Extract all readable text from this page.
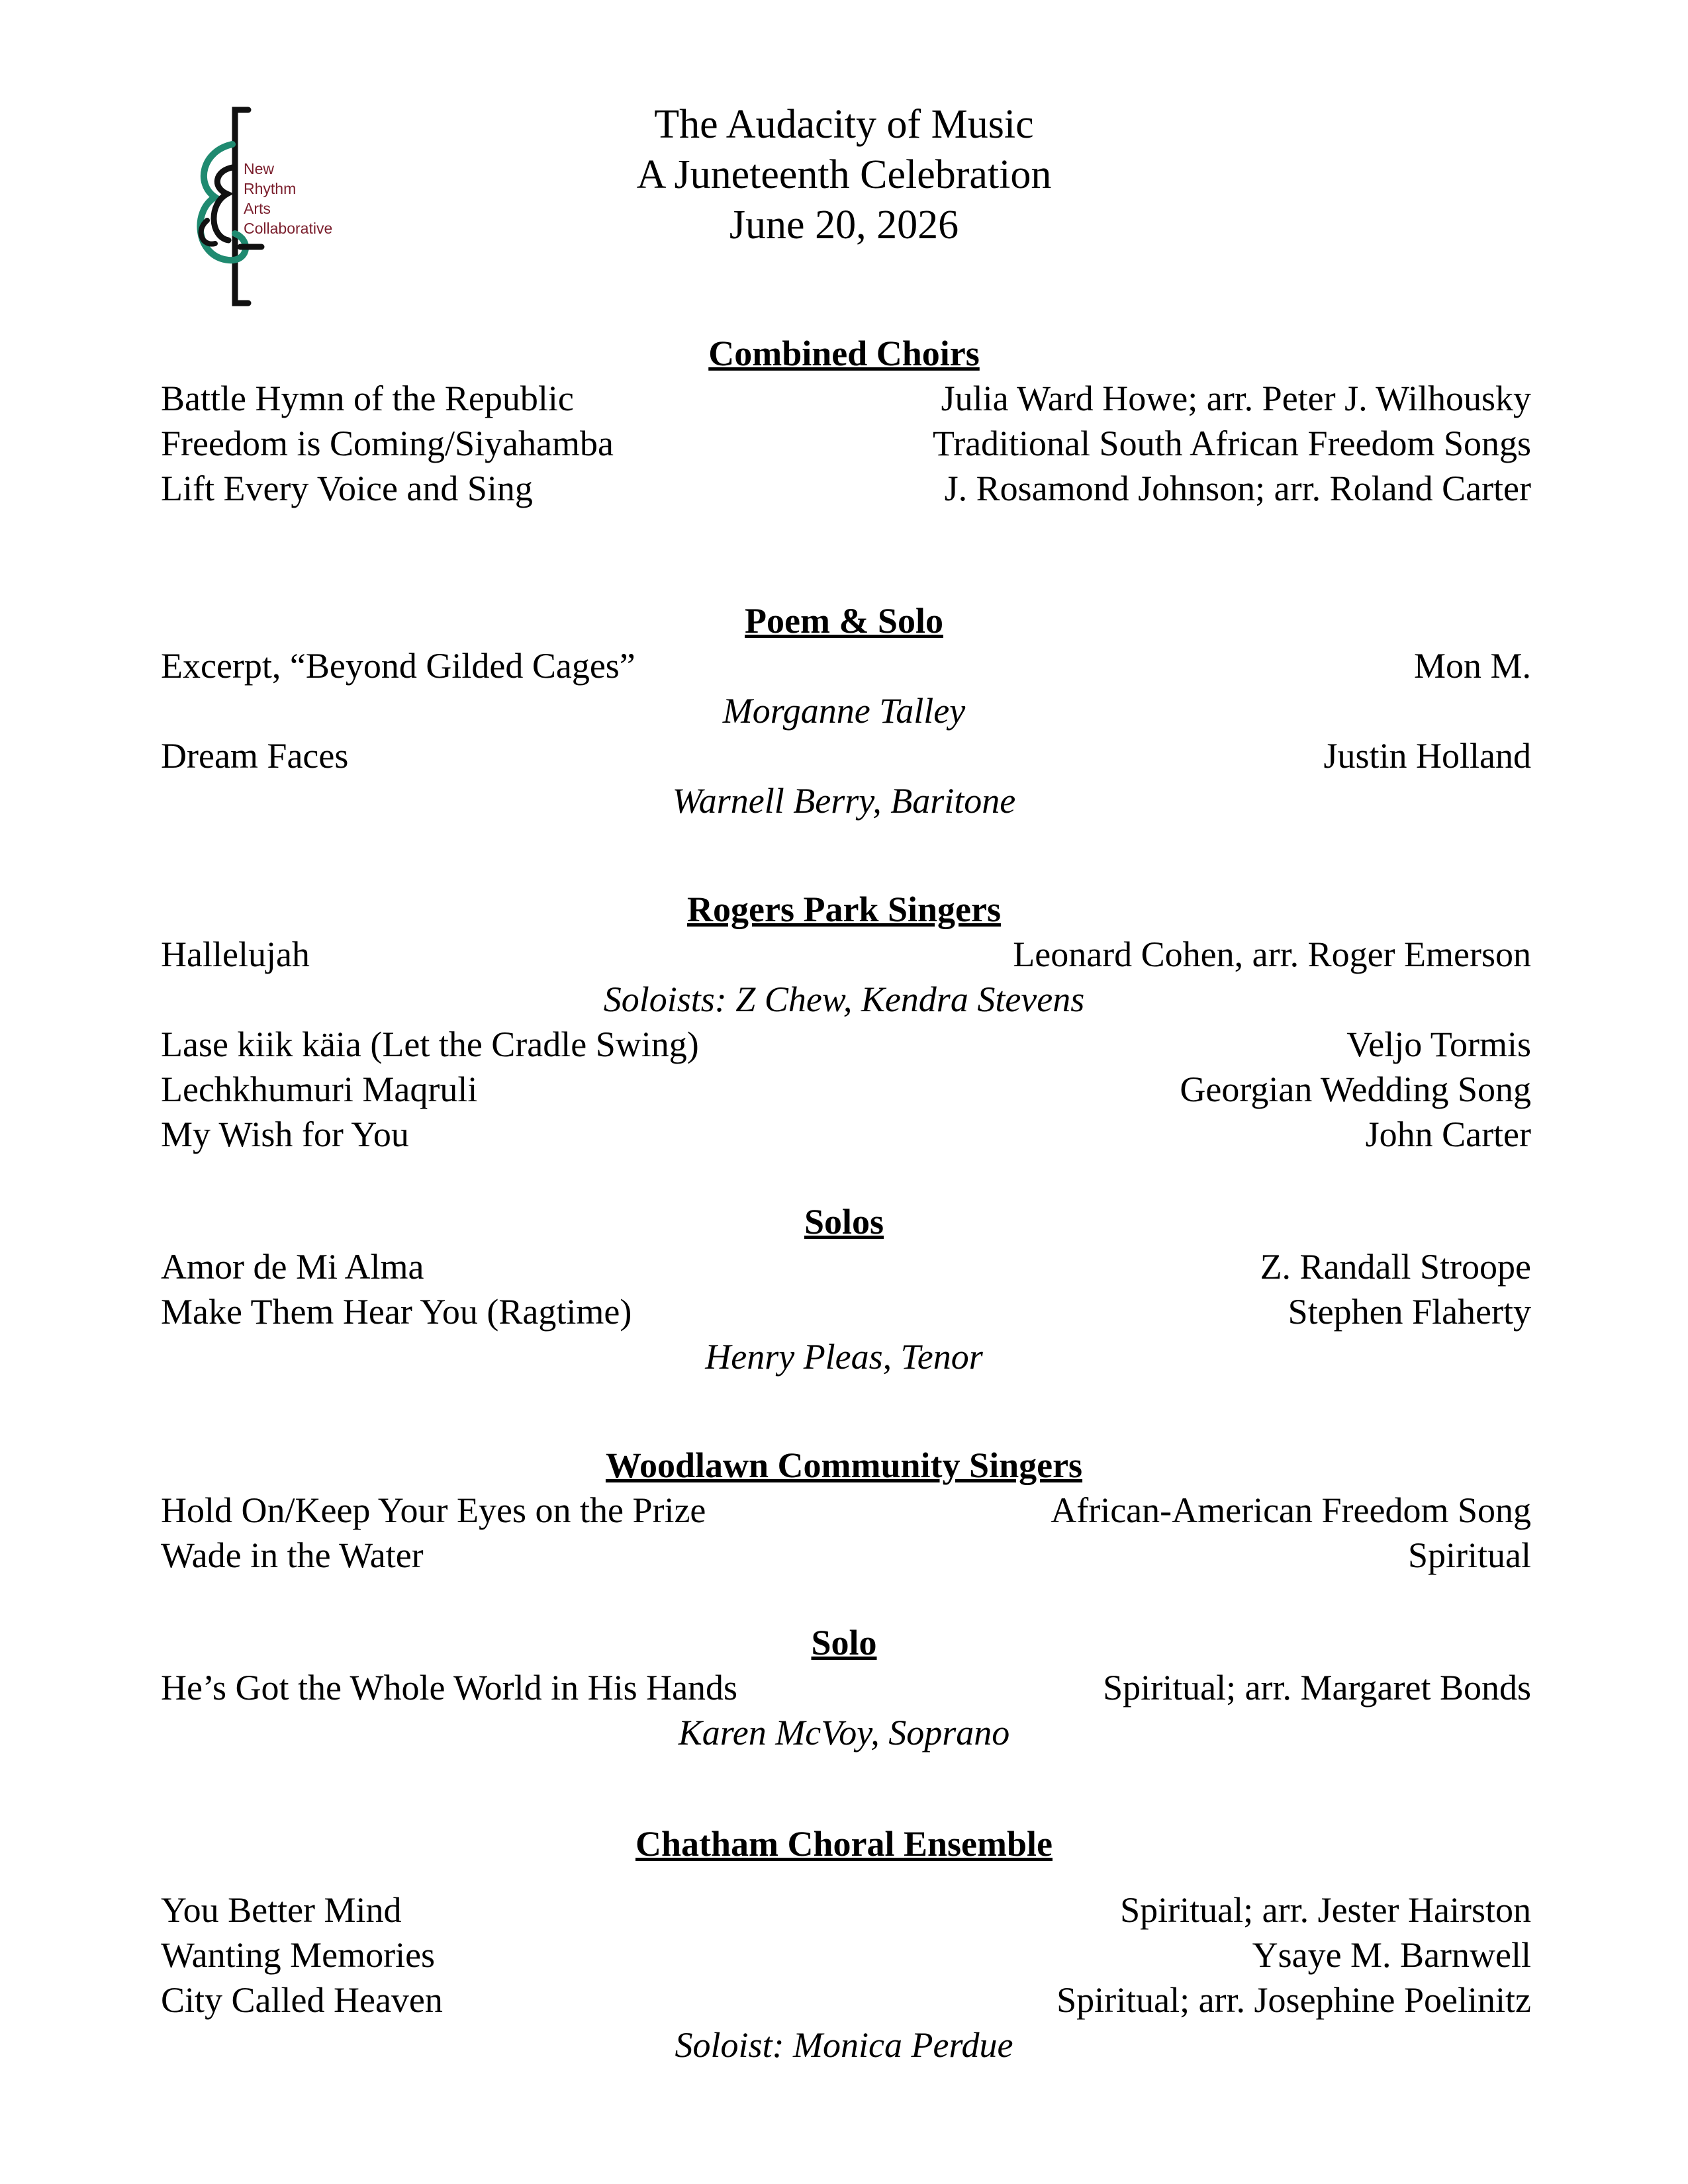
New
Rhythm
Arts
Collaborative
The Audacity of Music
A Juneteenth Celebration
June 20, 2026
Combined Choirs
Battle Hymn of the Republic	Julia Ward Howe; arr. Peter J. Wilhousky
Freedom is Coming/Siyahamba	Traditional South African Freedom Songs
Lift Every Voice and Sing	J. Rosamond Johnson; arr. Roland Carter
Poem & Solo
Excerpt, “Beyond Gilded Cages”	Mon M.
Morganne Talley
Dream Faces	Justin Holland
Warnell Berry, Baritone
Rogers Park Singers
Hallelujah	Leonard Cohen, arr. Roger Emerson
Soloists: Z Chew, Kendra Stevens
Lase kiik käia (Let the Cradle Swing)	Veljo Tormis
Lechkhumuri Maqruli	Georgian Wedding Song
My Wish for You	John Carter
Solos
Amor de Mi Alma	Z. Randall Stroope
Make Them Hear You (Ragtime)	Stephen Flaherty
Henry Pleas, Tenor
Woodlawn Community Singers
Hold On/Keep Your Eyes on the Prize	African-American Freedom Song
Wade in the Water	Spiritual
Solo
He’s Got the Whole World in His Hands	Spiritual; arr. Margaret Bonds
Karen McVoy, Soprano
Chatham Choral Ensemble
You Better Mind	Spiritual; arr. Jester Hairston
Wanting Memories	Ysaye M. Barnwell
City Called Heaven	Spiritual; arr. Josephine Poelinitz
Soloist: Monica Perdue
